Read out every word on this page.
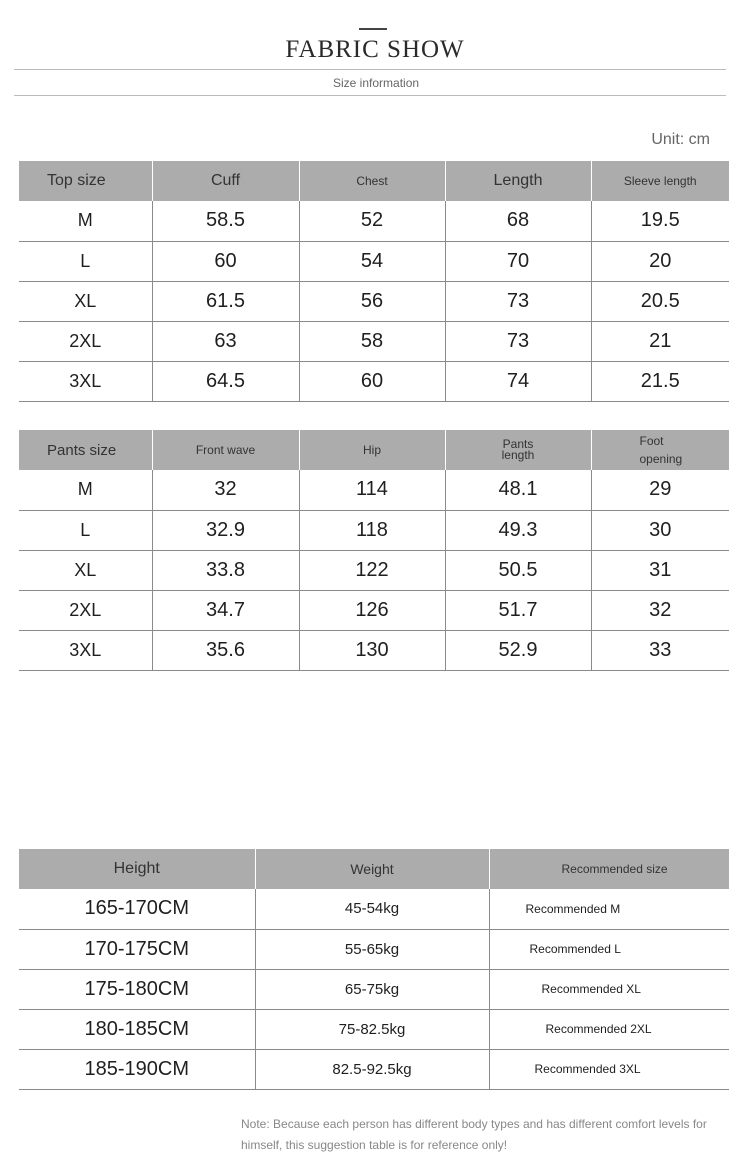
FABRIC SHOW
Size information
Unit: cm
Top size	Cuff	Chest	Length	Sleeve length
M	58.5	52	68	19.5
L	60	54	70	20
XL	61.5	56	73	20.5
2XL	63	58	73	21
3XL	64.5	60	74	21.5
Pants size	Front wave	Hip	Pants length	Foot opening
M	32	114	48.1	29
L	32.9	118	49.3	30
XL	33.8	122	50.5	31
2XL	34.7	126	51.7	32
3XL	35.6	130	52.9	33
Height	Weight	Recommended size
165-170CM	45-54kg	Recommended M
170-175CM	55-65kg	Recommended L
175-180CM	65-75kg	Recommended XL
180-185CM	75-82.5kg	Recommended 2XL
185-190CM	82.5-92.5kg	Recommended 3XL
Note: Because each person has different body types and has different comfort levels for himself, this suggestion table is for reference only!
